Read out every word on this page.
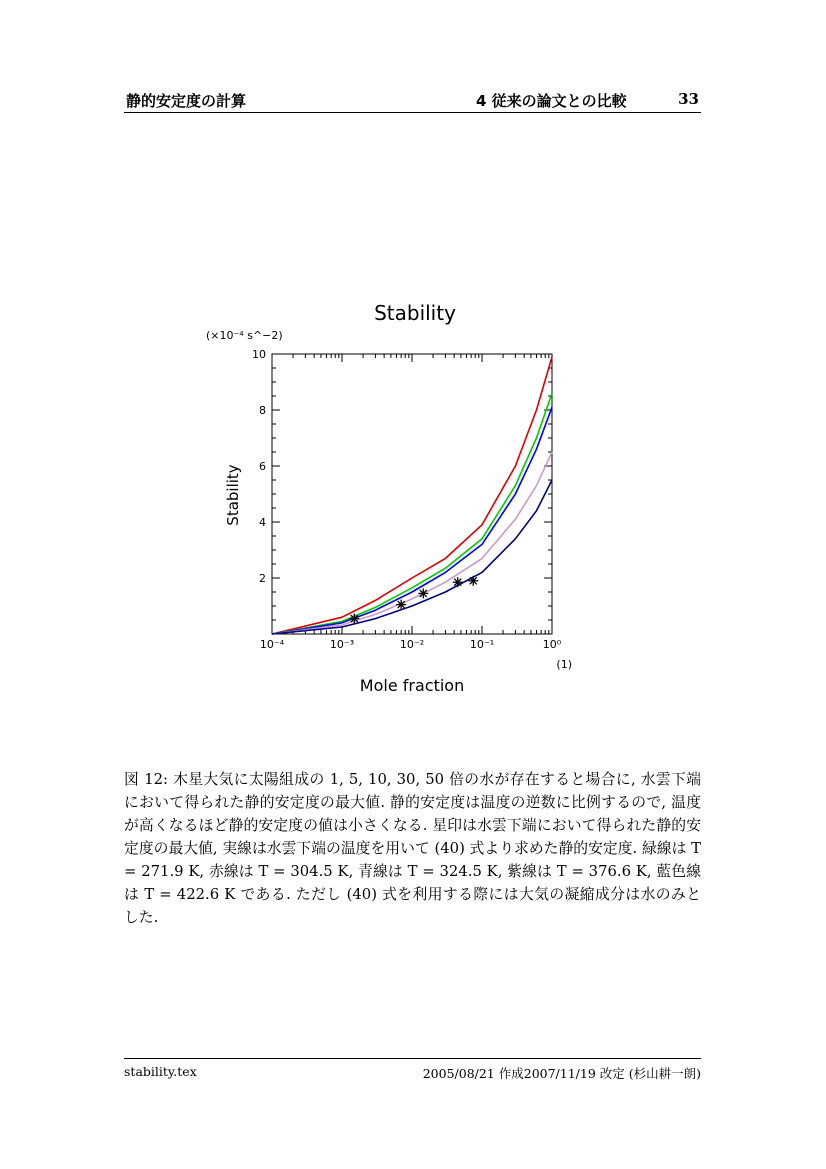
静的安定度の計算	4 従来の論文との比較	33
Stability
(×10⁻⁴ s^−2)
(1)
Mole fraction
Stability
10⁻⁴	10⁻³	10⁻²	10⁻¹	10⁰
2
4
6
8
10
図 12: 木星大気に太陽組成の 1, 5, 10, 30, 50 倍の水が存在すると場合に, 水雲下端において得られた静的安定度の最大値. 静的安定度は温度の逆数に比例するので, 温度が高くなるほど静的安定度の値は小さくなる. 星印は水雲下端において得られた静的安定度の最大値, 実線は水雲下端の温度を用いて (40) 式より求めた静的安定度. 緑線は T = 271.9 K, 赤線は T = 304.5 K, 青線は T = 324.5 K, 紫線は T = 376.6 K, 藍色線は T = 422.6 K である. ただし (40) 式を利用する際には大気の凝縮成分は水のみとした.
stability.tex	2005/08/21 作成2007/11/19 改定 (杉山耕一朗)
